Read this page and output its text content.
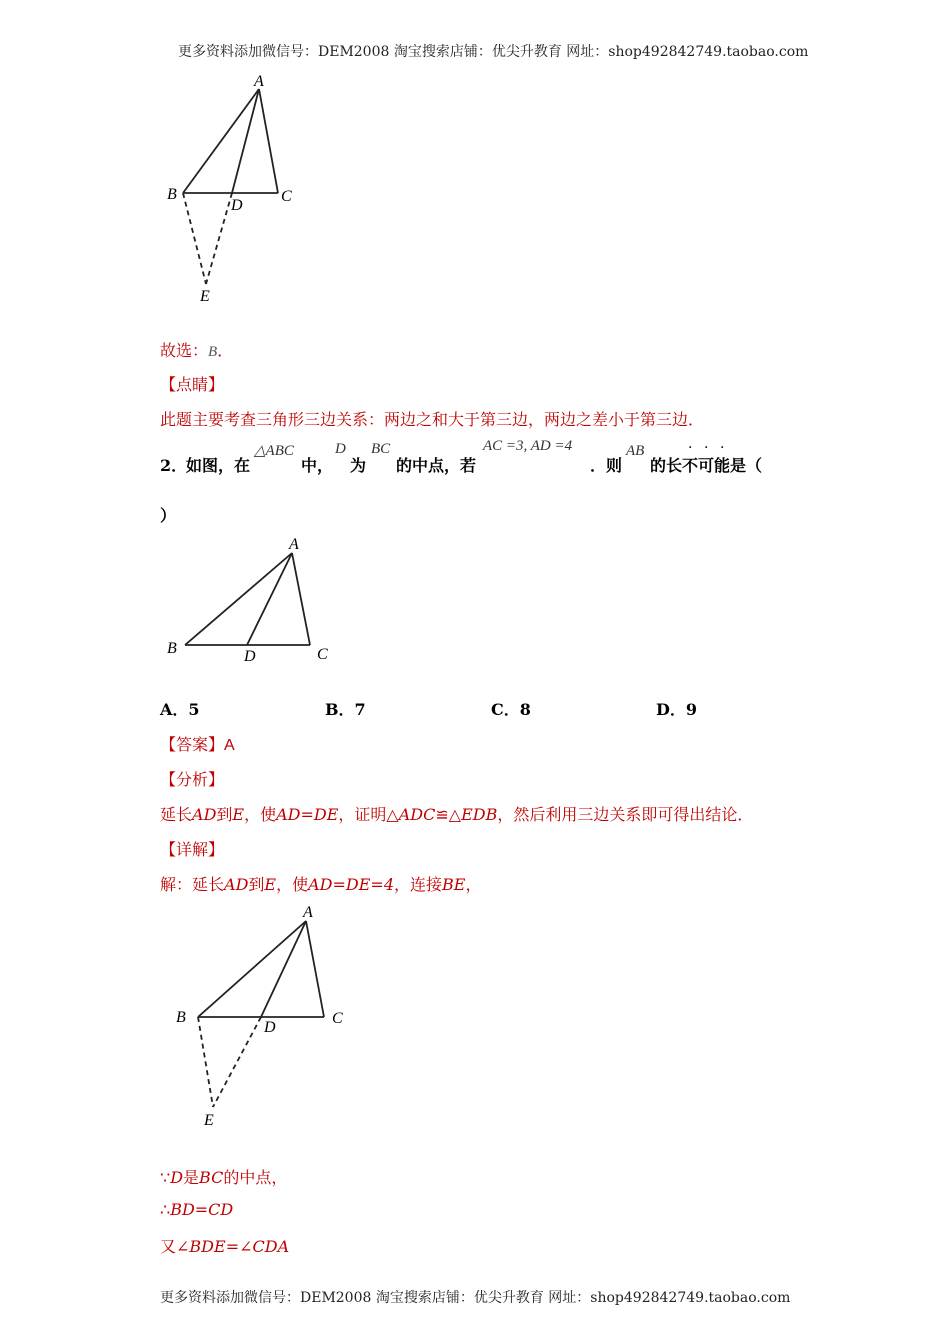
更多资料添加微信号：DEM2008 淘宝搜索店铺：优尖升教育 网址：shop492842749.taobao.com
A
B	C
D
E
故选：B．
【点睛】
此题主要考查三角形三边关系：两边之和大于第三边，两边之差小于第三边．
2．
如图，在
△ABC
中，
D
为
BC
的中点，若
AC =3, AD =4
．则
AB
的长 不可能
· · ·
是（
）
A
B	C
D
A．5	B．7	C．8	D．9
【答案】A
【分析】
延长AD到E，使AD=DE，证明△ADC≌△EDB，然后利用三边关系即可得出结论．
【详解】
解：延长AD到E，使AD=DE=4，连接BE，
A
B	C
D
E
∵D是BC的中点，
∴BD=CD
又∠BDE=∠CDA
更多资料添加微信号：DEM2008 淘宝搜索店铺：优尖升教育 网址：shop492842749.taobao.com
